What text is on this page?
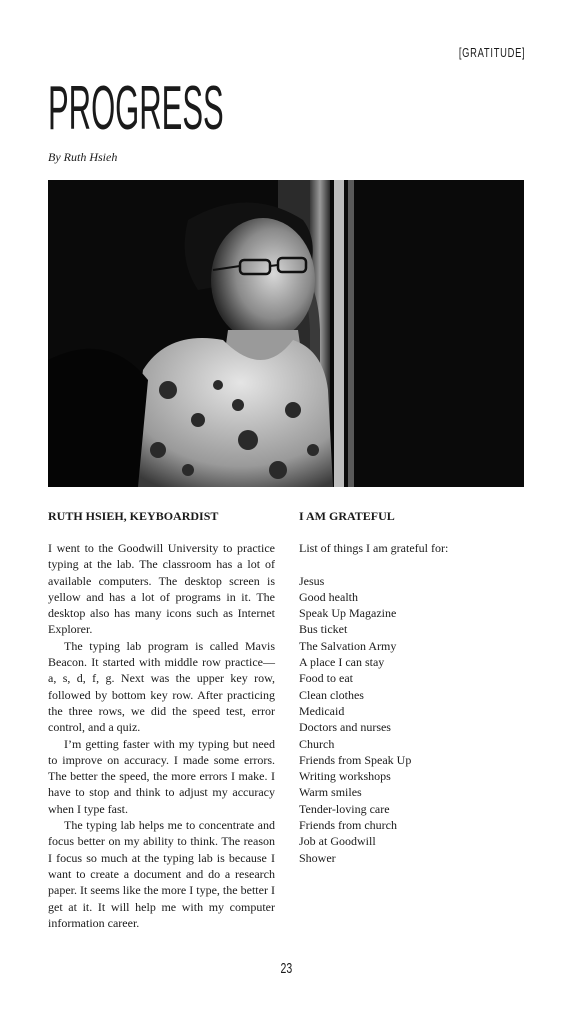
[GRATITUDE]
PROGRESS
By Ruth Hsieh
RUTH HSIEH, KEYBOARDIST

I went to the Goodwill University to practice typing at the lab. The classroom has a lot of available computers. The desktop screen is yellow and has a lot of programs in it. The desktop also has many icons such as Internet Explorer.

The typing lab program is called Mavis Beacon. It started with middle row practice—a, s, d, f, g. Next was the upper key row, followed by bottom key row. After practicing the three rows, we did the speed test, error control, and a quiz.

I’m getting faster with my typing but need to improve on accuracy. I made some errors. The better the speed, the more errors I make. I have to stop and think to adjust my accuracy when I type fast.

The typing lab helps me to concentrate and focus better on my ability to think. The reason I focus so much at the typing lab is because I want to create a document and do a research paper. It seems like the more I type, the better I get at it. It will help me with my computer information career.

I AM GRATEFUL
List of things I am grateful for:
Jesus
Good health
Speak Up Magazine
Bus ticket
The Salvation Army
A place I can stay
Food to eat
Clean clothes
Medicaid
Doctors and nurses
Church
Friends from Speak Up
Writing workshops
Warm smiles
Tender-loving care
Friends from church
Job at Goodwill
Shower
23
